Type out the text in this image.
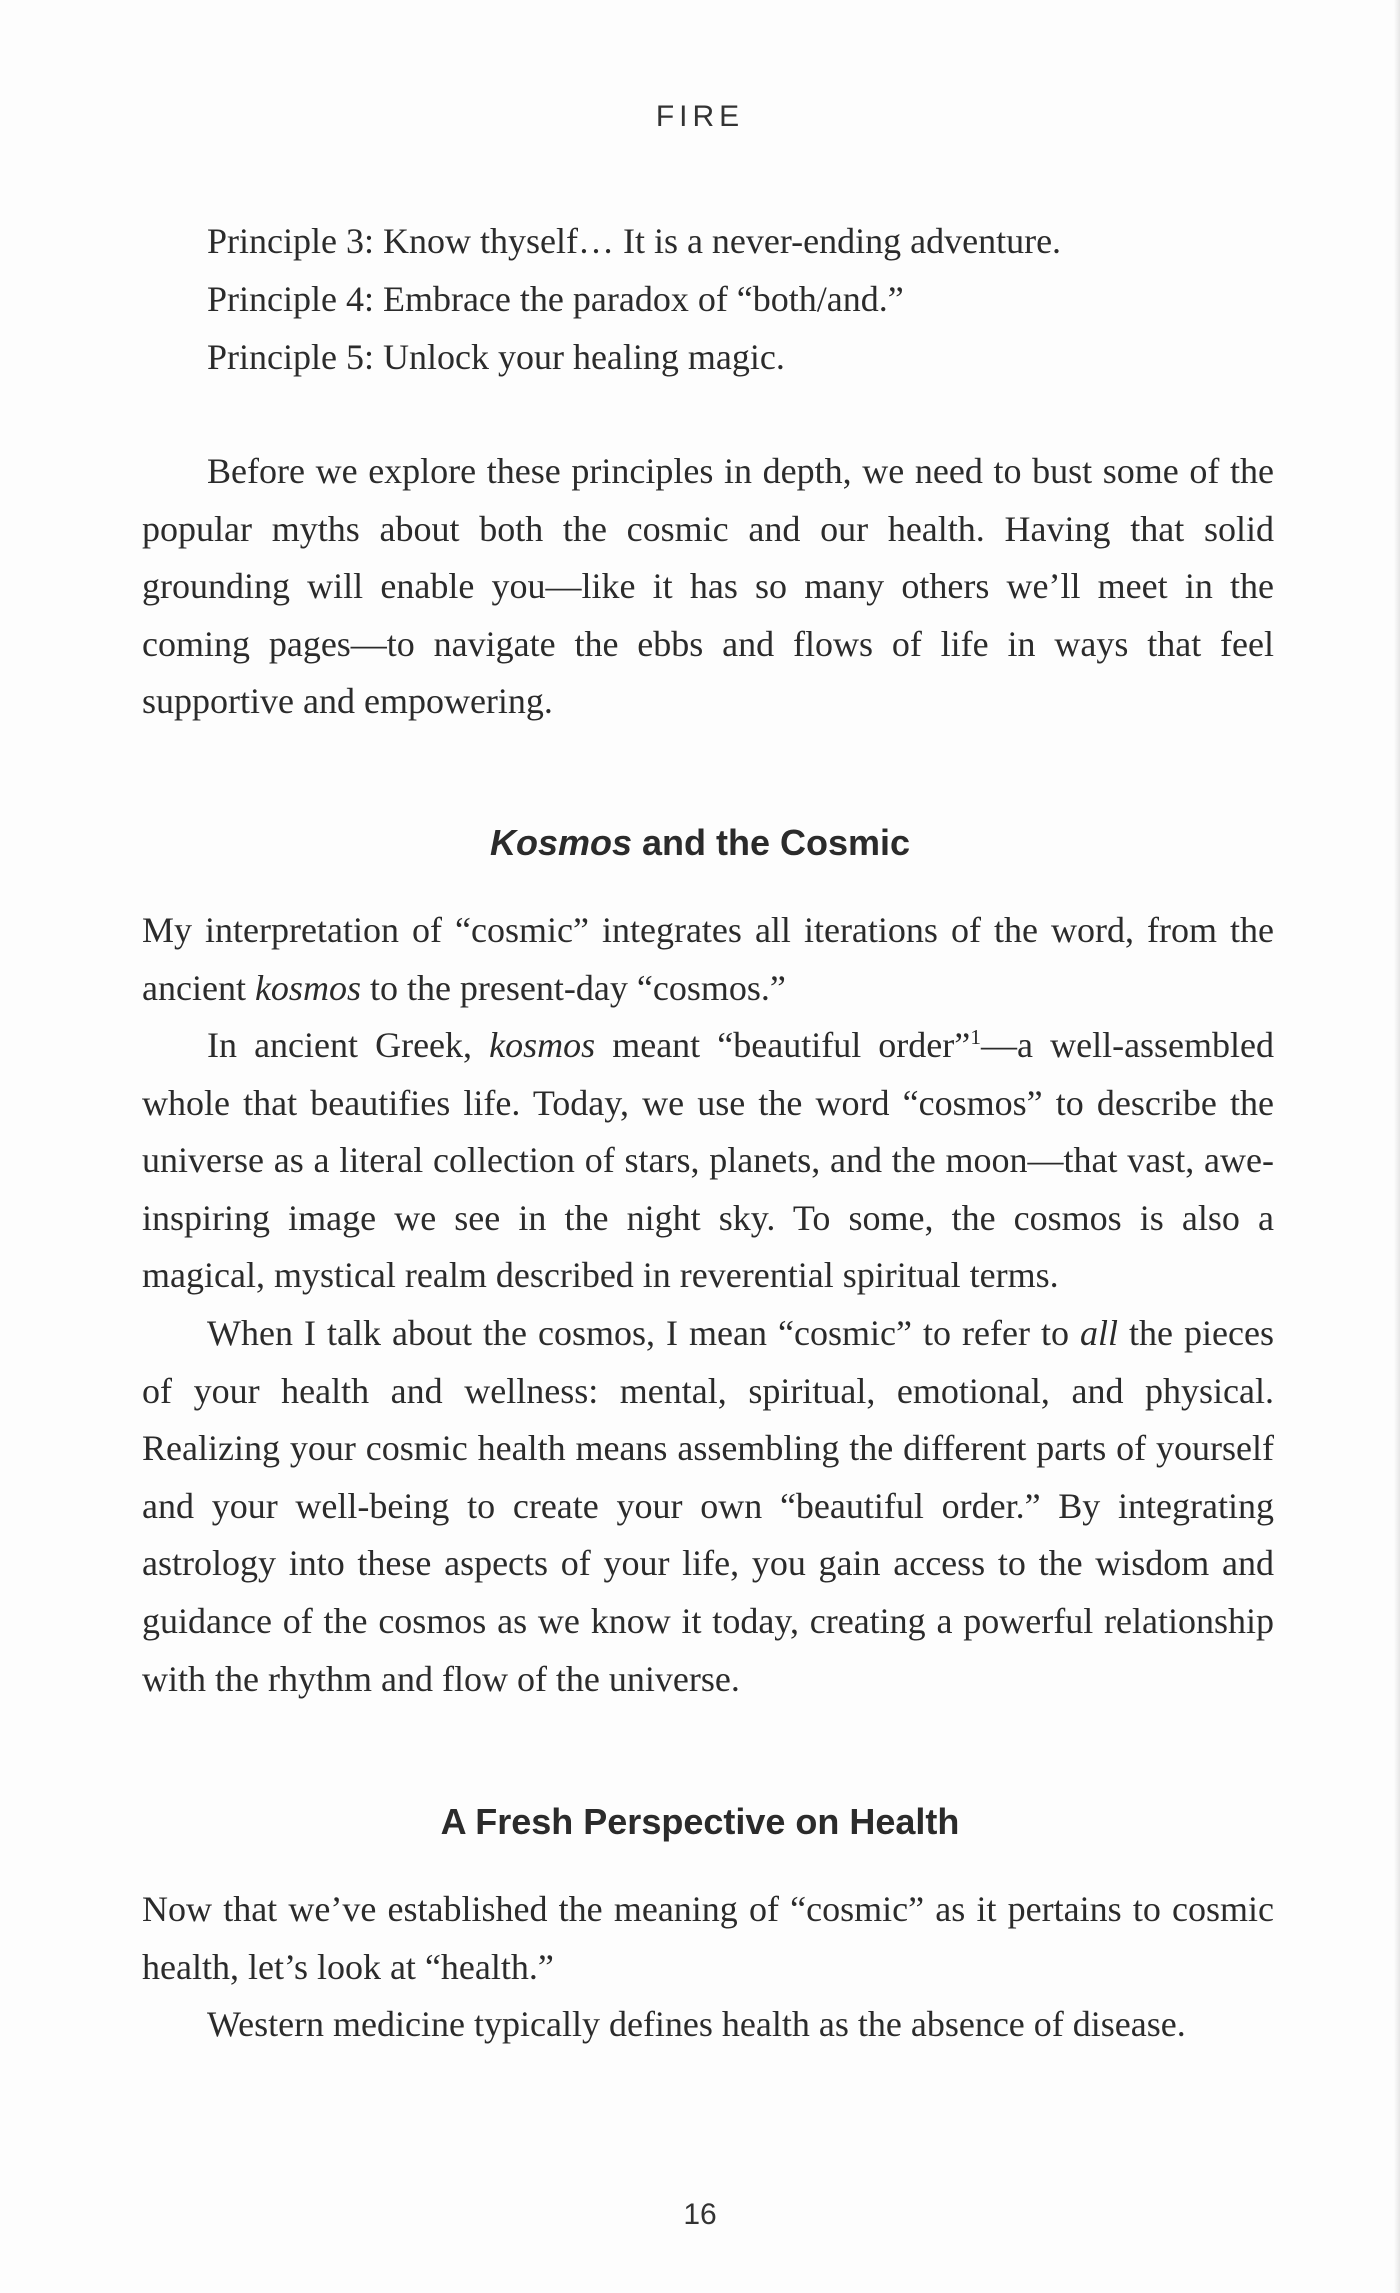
FIRE
Principle 3: Know thyself… It is a never-ending adventure.
Principle 4: Embrace the paradox of “both/and.”
Principle 5: Unlock your healing magic.

Before we explore these principles in depth, we need to bust some of the popular myths about both the cosmic and our health. Having that solid grounding will enable you—like it has so many others we’ll meet in the coming pages—to navigate the ebbs and flows of life in ways that feel supportive and empowering.

Kosmos and the Cosmic

My interpretation of “cosmic” integrates all iterations of the word, from the ancient kosmos to the present-day “cosmos.”

In ancient Greek, kosmos meant “beautiful order”$^1$—a well-assembled whole that beautifies life. Today, we use the word “cosmos” to describe the universe as a literal collection of stars, planets, and the moon—that vast, awe-inspiring image we see in the night sky. To some, the cosmos is also a magical, mystical realm described in reverential spiritual terms.

When I talk about the cosmos, I mean “cosmic” to refer to all the pieces of your health and wellness: mental, spiritual, emotional, and physical. Realizing your cosmic health means assembling the different parts of yourself and your well-being to create your own “beautiful order.” By integrating astrology into these aspects of your life, you gain access to the wisdom and guidance of the cosmos as we know it today, creating a powerful relationship with the rhythm and flow of the universe.

A Fresh Perspective on Health

Now that we’ve established the meaning of “cosmic” as it pertains to cosmic health, let’s look at “health.”

Western medicine typically defines health as the absence of disease.

16
